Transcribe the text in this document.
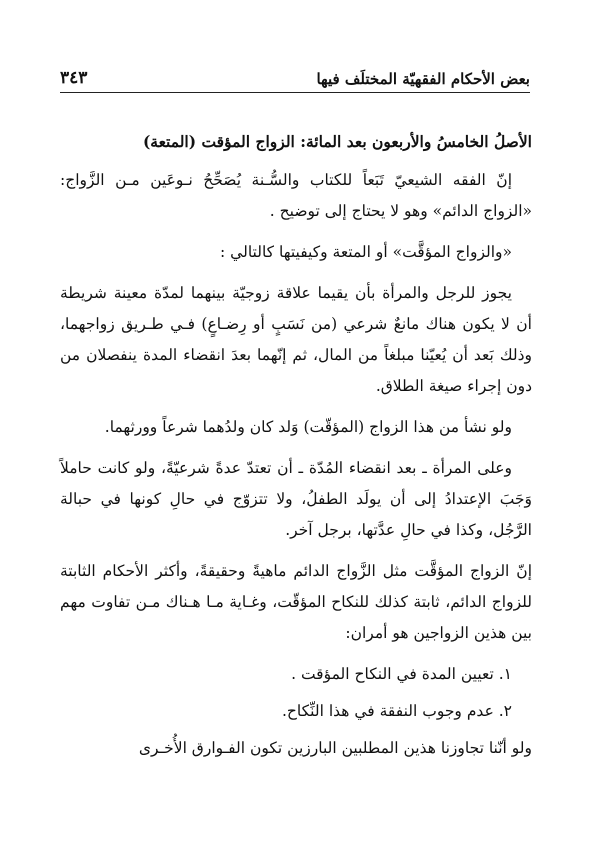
بعض الأحكام الفقهيّة المختلَف فيها
٣٤٣
الأصلُ الخامسُ والأربعون بعد المائة: الزواج المؤقت (المتعة)

إنّ الفقه الشيعيّ تَبَعاً للكتاب والسُّـنة يُصَحِّحُ نـوعَين مـن الزَّواج: «الزواج الدائم» وهو لا يحتاج إلى توضيح .

«والزواج المؤقَّت» أو المتعة وكيفيتها كالتالي :

يجوز للرجل والمرأة بأن يقيما علاقة زوجيّة بينهما لمدّة معينة شريطة أن لا يكون هناك مانعٌ شرعي (من نَسَبٍ أو رِضـاعٍ) فـي طـريق زواجهما، وذلك بَعد أن يُعيّنا مبلغاً من المال، ثم إنّهما بعدَ انقضاء المدة ينفصلان من دون إجراء صيغة الطلاق.

ولو نشأ من هذا الزواج (المؤقّت) وَلد كان ولدُهما شرعاً وورثهما.

وعلى المرأة ـ بعد انقضاء المُدّة ـ أن تعتدّ عدةً شرعيّةً، ولو كانت حاملاً وَجَبَ الإعتدادُ إلى أن يولَد الطفلُ، ولا تتزوّج في حالِ كونها في حبالة الرَّجُل، وكذا في حالِ عدَّتها، برجل آخر.

إنّ الزواج المؤقَّت مثل الزَّواج الدائم ماهيةً وحقيقةً، وأكثر الأحكام الثابتة للزواج الدائم، ثابتة كذلك للنكاح المؤقّت، وغـاية مـا هـناك مـن تفاوت مهم بين هذين الزواجين هو أمران:

١. تعيين المدة في النكاح المؤقت .

٢. عدم وجوب النفقة في هذا النِّكاح.

ولو أنّنا تجاوزنا هذين المطلبين البارزين تكون الفـوارق الأُخـرى
